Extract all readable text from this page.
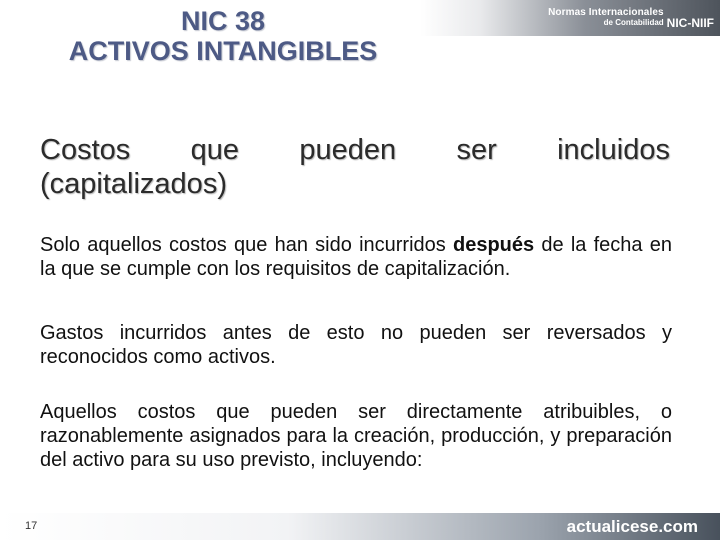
Normas Internacionales
de Contabilidad NIC-NIIF
NIC 38
ACTIVOS INTANGIBLES
Costos que pueden ser incluidos
(capitalizados)
Solo aquellos costos que han sido incurridos después de la fecha en la que se cumple con los requisitos de capitalización.
Gastos incurridos antes de esto no pueden ser reversados y reconocidos como activos.
Aquellos costos que pueden ser directamente atribuibles, o razonablemente asignados para la creación, producción, y preparación del activo para su uso previsto, incluyendo:
17	actualicese.com
